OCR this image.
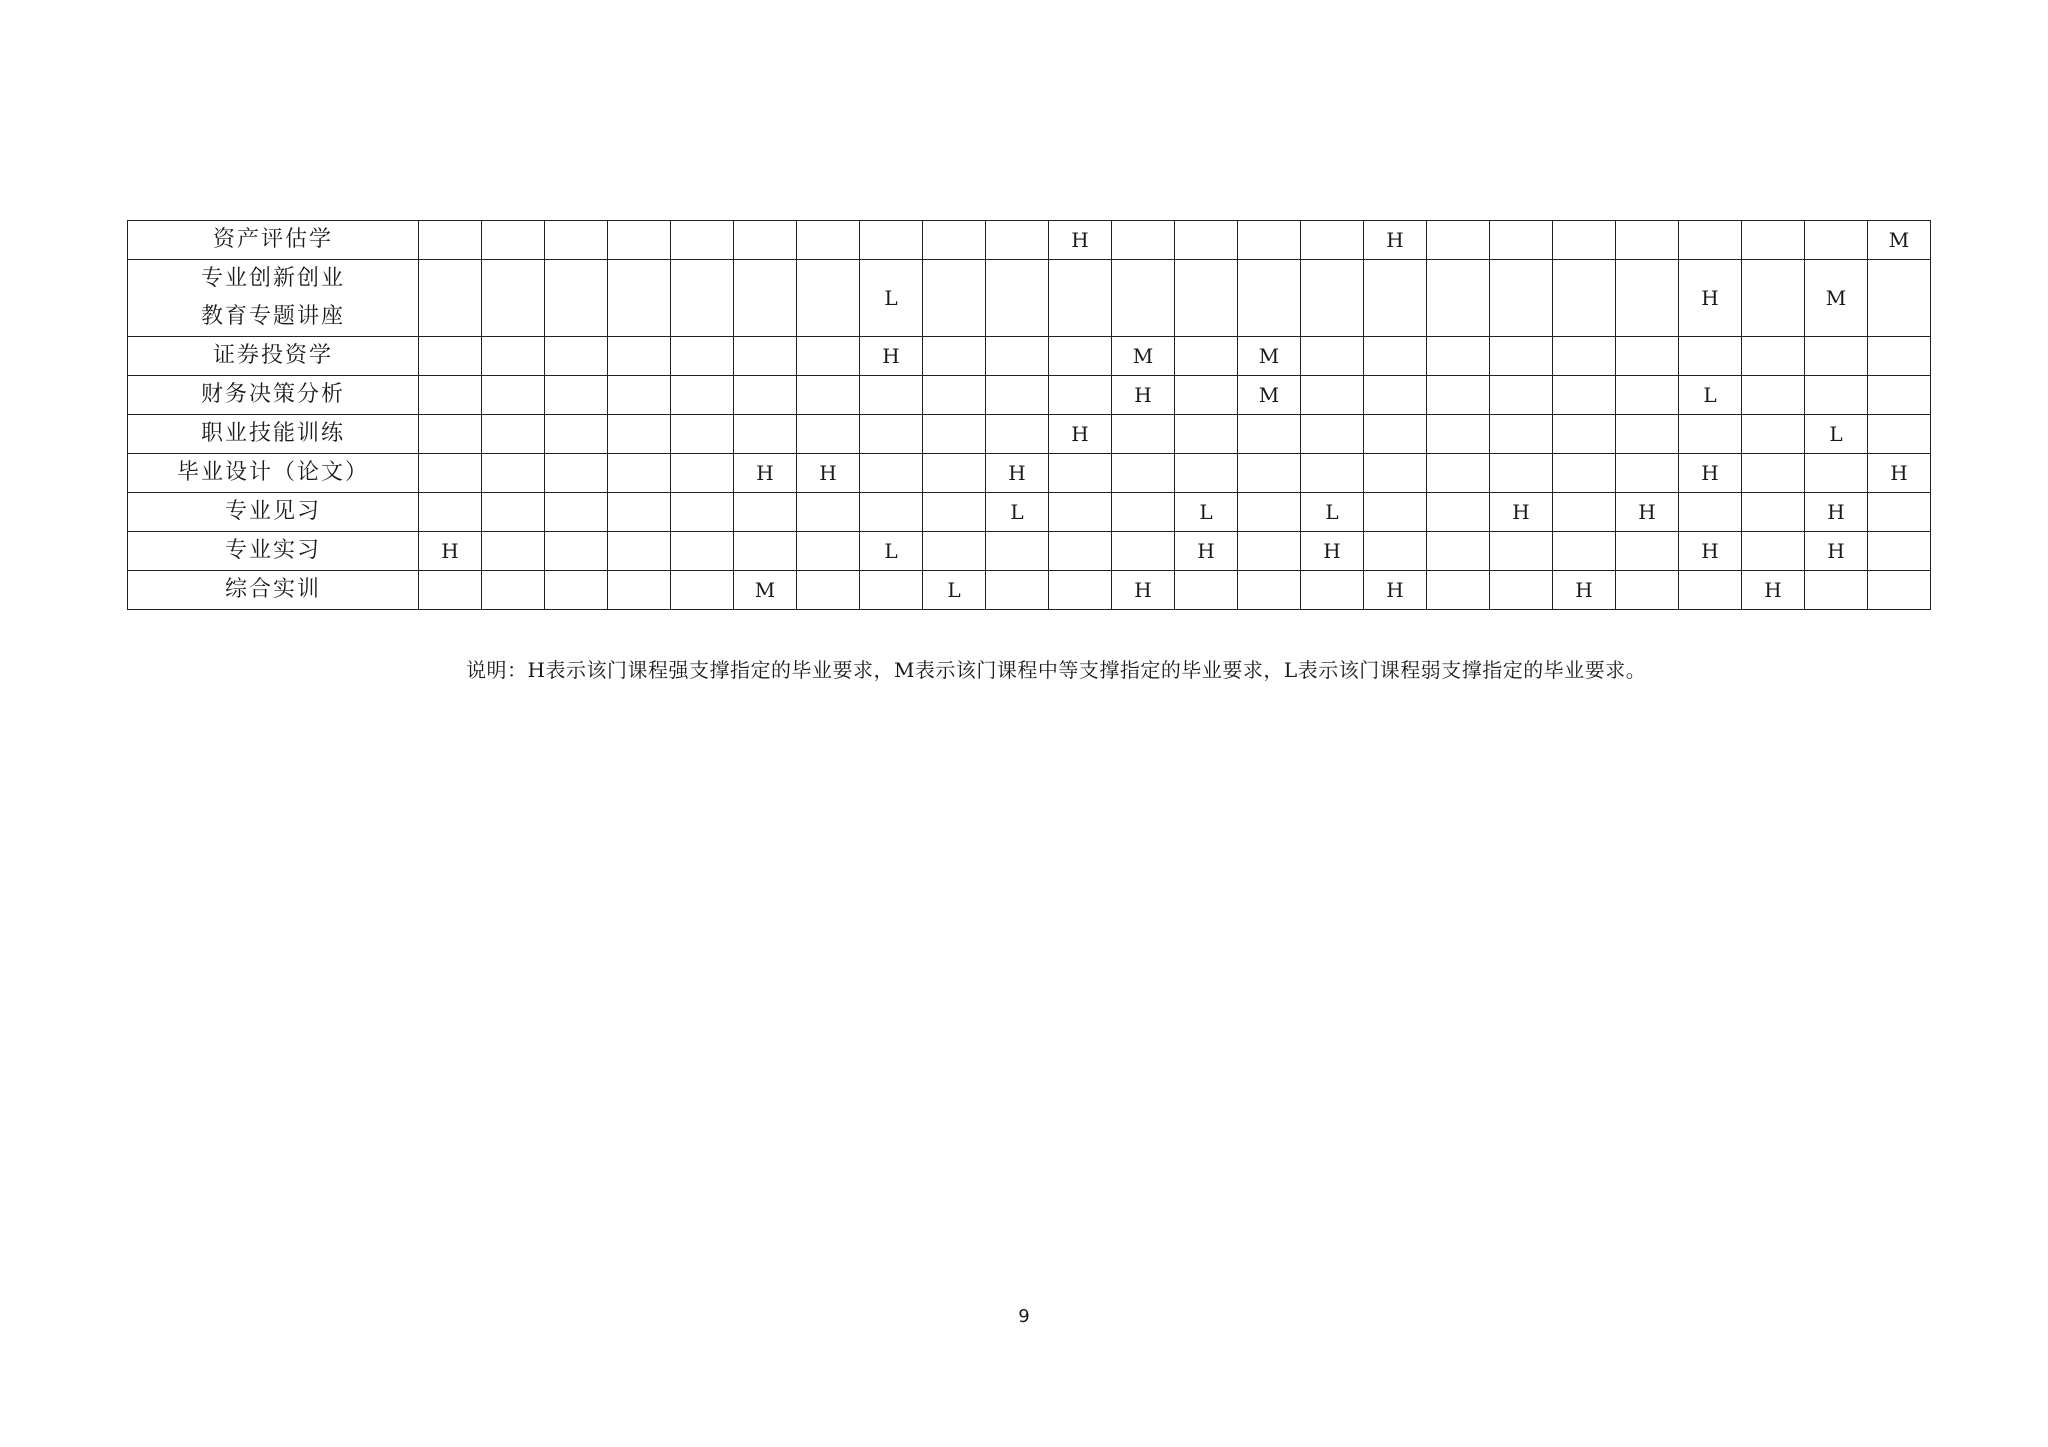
资产评估学											H					H								M

专业创新创业
教育专题讲座								L													H		M	

证券投资学								H				M		M										

财务决策分析												H		M							L			

职业技能训练											H												L	

毕业设计（论文）						H	H			H											H			H

专业见习										L			L		L			H		H			H	

专业实习	H							L					H		H						H		H	

综合实训						M			L			H				H			H			H		
说明：H表示该门课程强支撑指定的毕业要求，M表示该门课程中等支撑指定的毕业要求，L表示该门课程弱支撑指定的毕业要求。
9
